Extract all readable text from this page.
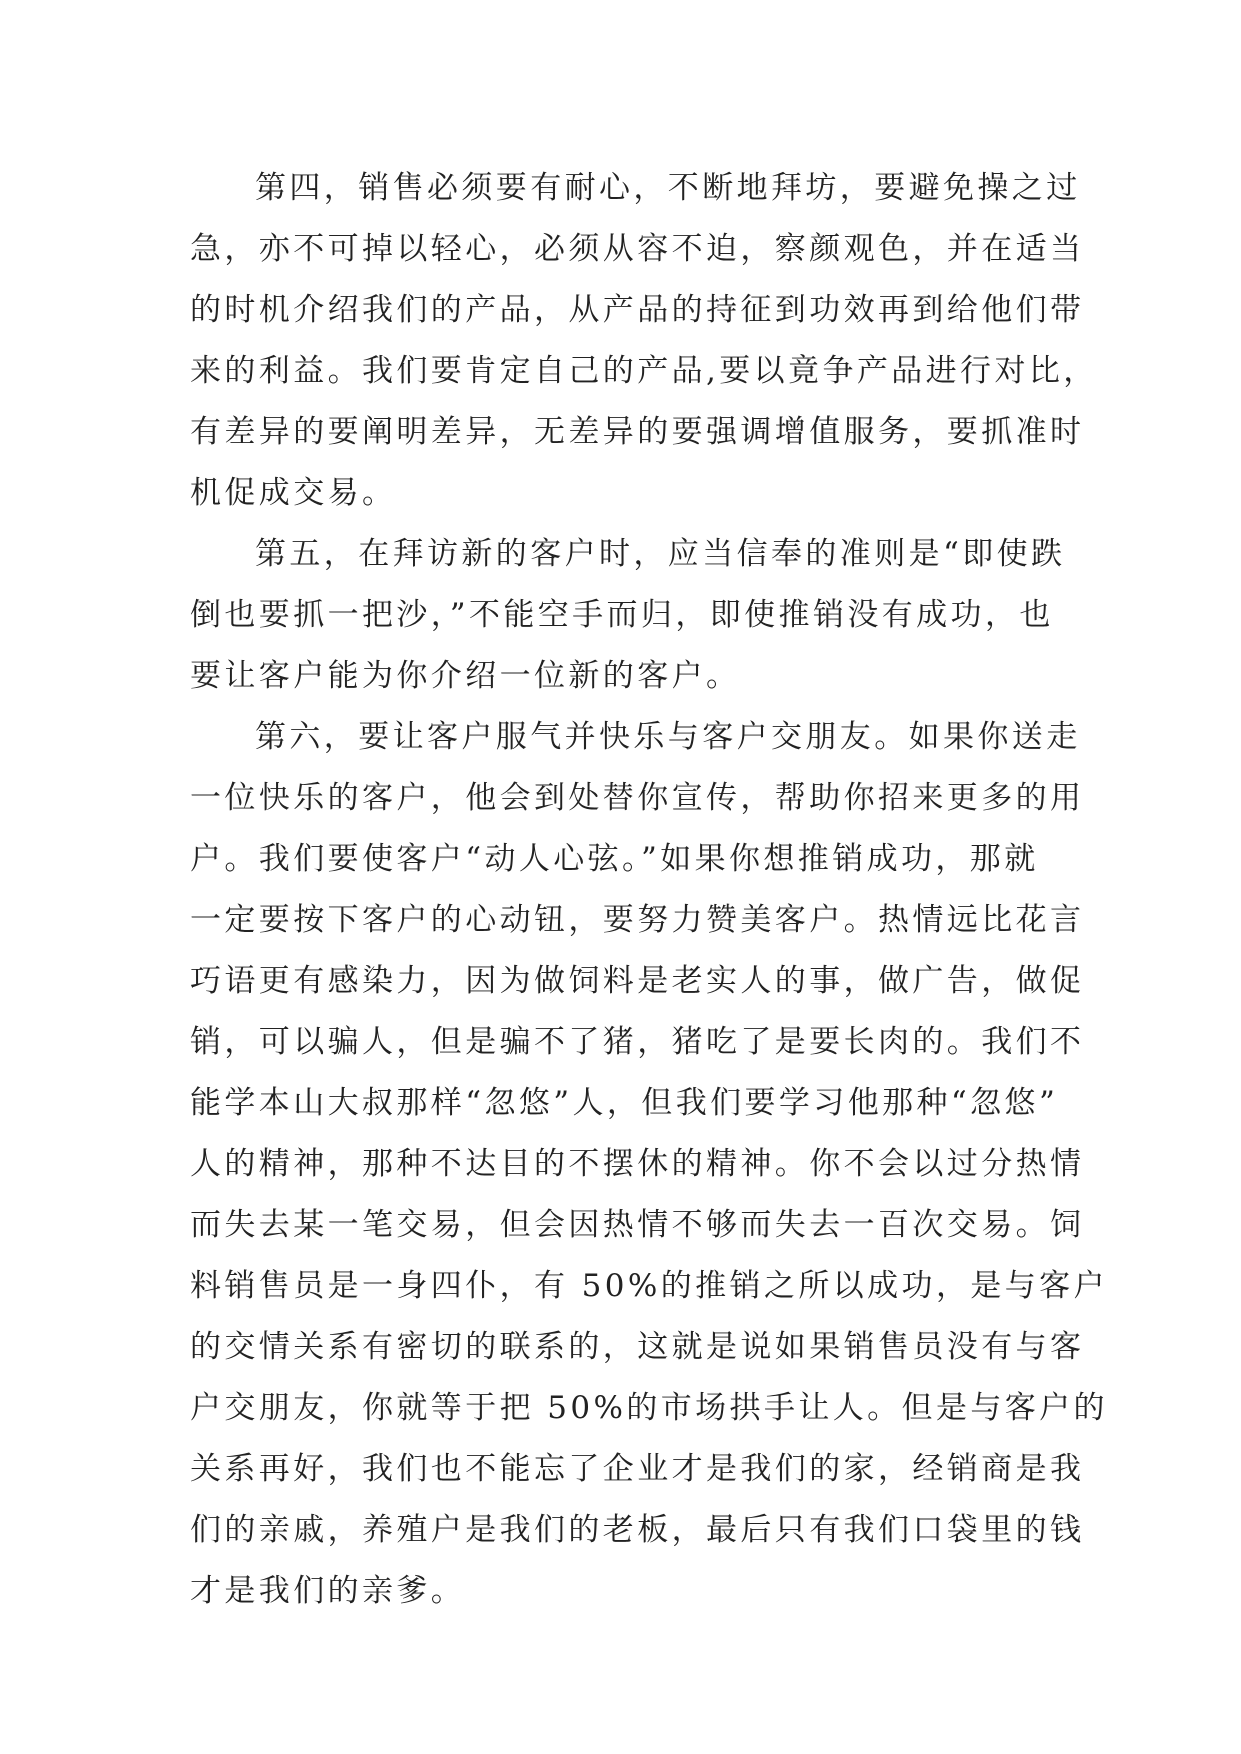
第四，销售必须要有耐心，不断地拜坊，要避免操之过
急，亦不可掉以轻心，必须从容不迫，察颜观色，并在适当
的时机介绍我们的产品，从产品的持征到功效再到给他们带
来的利益。我们要肯定自己的产品,要以竟争产品进行对比，
有差异的要阐明差异，无差异的要强调增值服务，要抓准时
机促成交易。
第五，在拜访新的客户时，应当信奉的准则是“即使跌
倒也要抓一把沙，”不能空手而归，即使推销没有成功，也
要让客户能为你介绍一位新的客户。
第六，要让客户服气并快乐与客户交朋友。如果你送走
一位快乐的客户，他会到处替你宣传，帮助你招来更多的用
户。我们要使客户“动人心弦。”如果你想推销成功，那就
一定要按下客户的心动钮，要努力赞美客户。热情远比花言
巧语更有感染力，因为做饲料是老实人的事，做广告，做促
销，可以骗人，但是骗不了猪，猪吃了是要长肉的。我们不
能学本山大叔那样“忽悠”人，但我们要学习他那种“忽悠”
人的精神，那种不达目的不摆休的精神。你不会以过分热情
而失去某一笔交易，但会因热情不够而失去一百次交易。饲
料销售员是一身四仆，有 50%的推销之所以成功，是与客户
的交情关系有密切的联系的，这就是说如果销售员没有与客
户交朋友，你就等于把 50%的市场拱手让人。但是与客户的
关系再好，我们也不能忘了企业才是我们的家，经销商是我
们的亲戚，养殖户是我们的老板，最后只有我们口袋里的钱
才是我们的亲爹。
